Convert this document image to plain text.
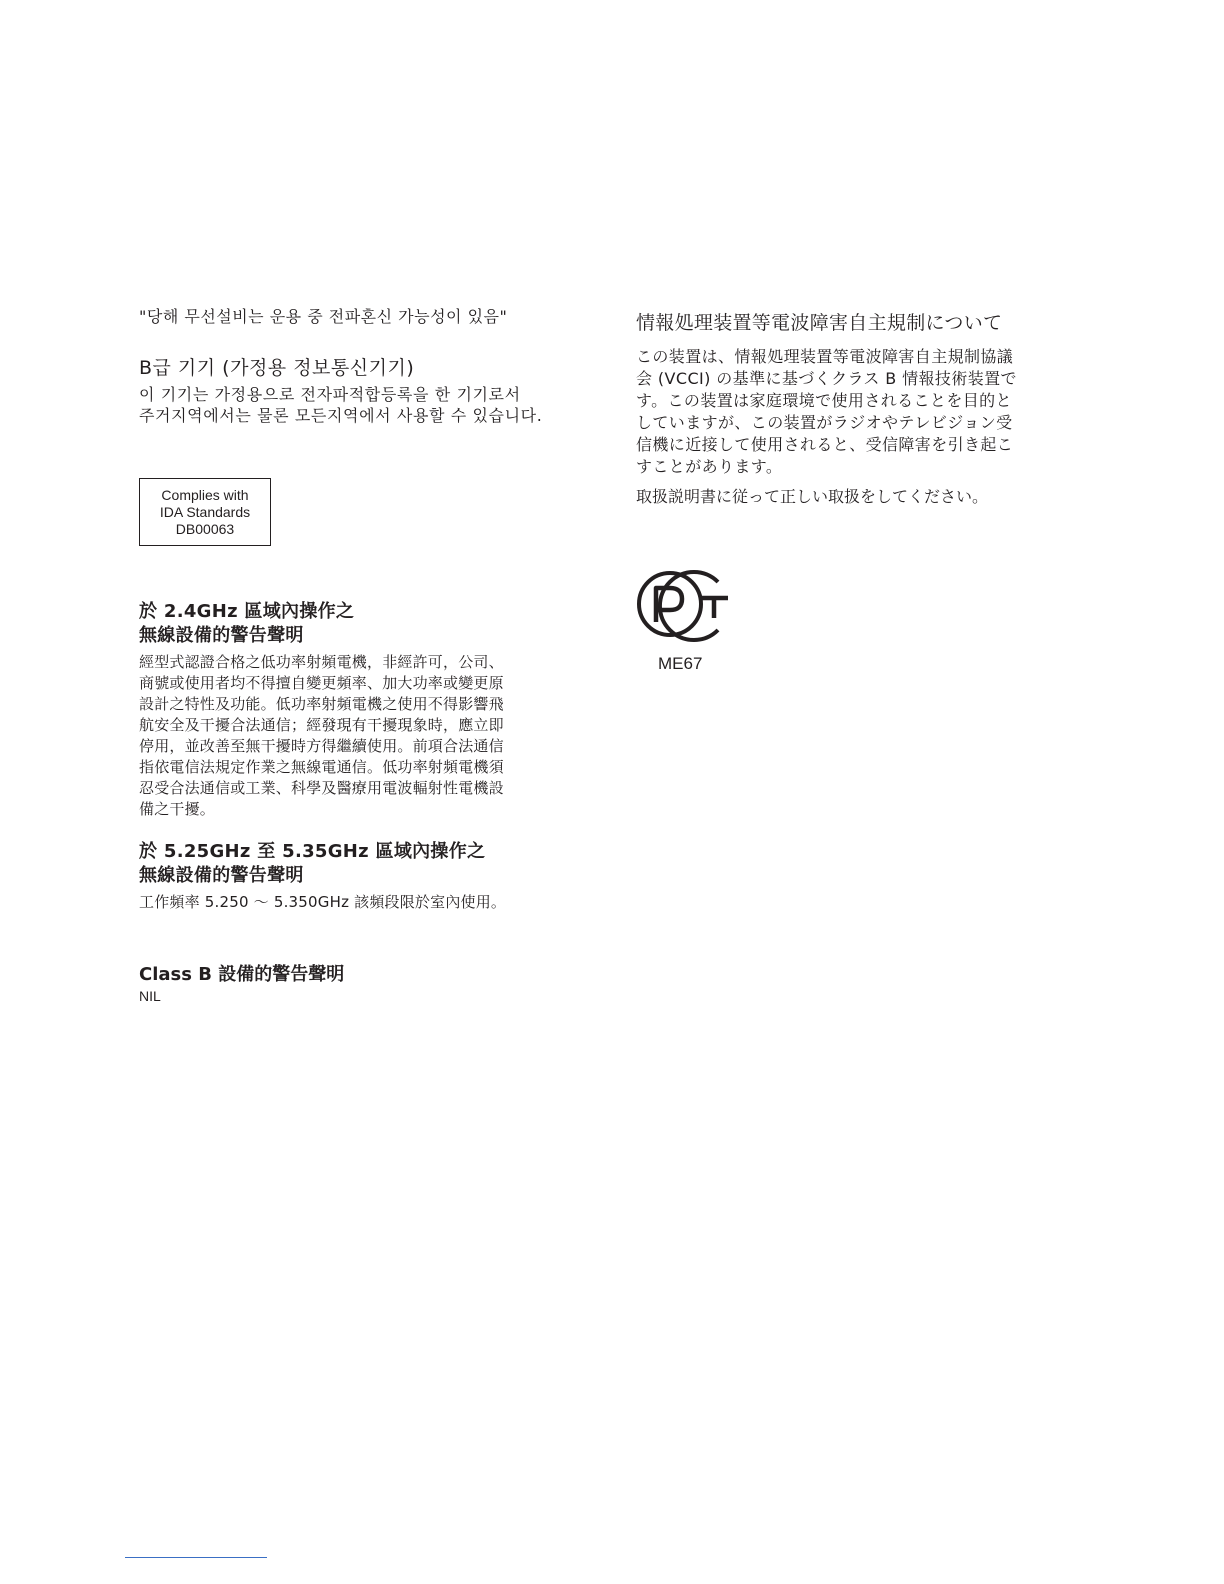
"당해 무선설비는 운용 중 전파혼신 가능성이 있음"

B급 기기 (가정용 정보통신기기)

이 기기는 가정용으로 전자파적합등록을 한 기기로서

주거지역에서는 물론 모든지역에서 사용할 수 있습니다.

Complies with
IDA Standards
DB00063

於 2.4GHz 區域內操作之

無線設備的警告聲明

經型式認證合格之低功率射頻電機，非經許可，公司、
商號或使用者均不得擅自變更頻率、加大功率或變更原
設計之特性及功能。低功率射頻電機之使用不得影響飛
航安全及干擾合法通信；經發現有干擾現象時，應立即
停用，並改善至無干擾時方得繼續使用。前項合法通信
指依電信法規定作業之無線電通信。低功率射頻電機須
忍受合法通信或工業、科學及醫療用電波輻射性電機設
備之干擾。

於 5.25GHz 至 5.35GHz 區域內操作之

無線設備的警告聲明

工作頻率 5.250 ～ 5.350GHz 該頻段限於室內使用。

Class B 設備的警告聲明

NIL

情報処理装置等電波障害自主規制について

この装置は、情報処理装置等電波障害自主規制協議
会 (VCCI) の基準に基づくクラス B 情報技術装置で
す。この装置は家庭環境で使用されることを目的と
していますが、この装置がラジオやテレビジョン受
信機に近接して使用されると、受信障害を引き起こ
すことがあります。

取扱説明書に従って正しい取扱をしてください。

ME67
